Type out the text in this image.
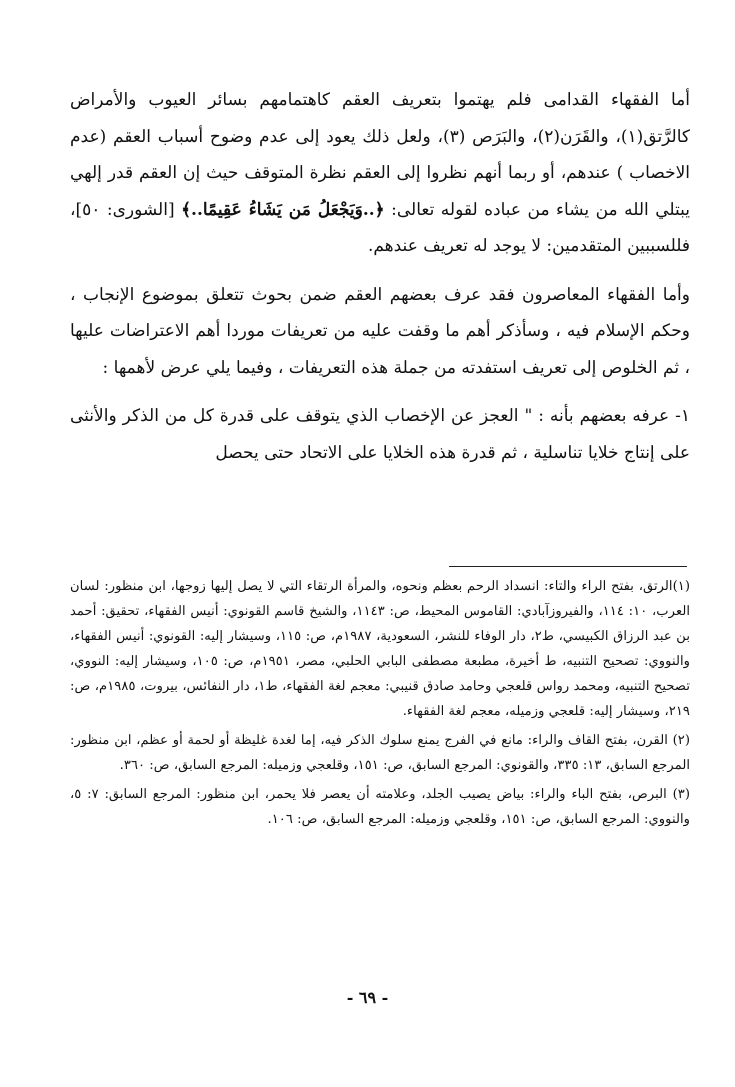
أما الفقهاء القدامى فلم يهتموا بتعريف العقم كاهتمامهم بسائر العيوب والأمراض كالرَّتق(١)، والقَرَن(٢)، والبَرَص (٣)، ولعل ذلك يعود إلى عدم وضوح أسباب العقم (عدم الاخصاب ) عندهم، أو ربما أنهم نظروا إلى العقم نظرة المتوقف حيث إن العقم قدر إلهي يبتلي الله من يشاء من عباده لقوله تعالى: ﴿..وَيَجْعَلُ مَن يَشَاءُ عَقِيمًا..﴾ [الشورى: ٥٠]، فللسببين المتقدمين: لا يوجد له تعريف عندهم.

وأما الفقهاء المعاصرون فقد عرف بعضهم العقم ضمن بحوث تتعلق بموضوع الإنجاب ، وحكم الإسلام فيه ، وسأذكر أهم ما وقفت عليه من تعريفات موردا أهم الاعتراضات عليها ، ثم الخلوص إلى تعريف استفدته من جملة هذه التعريفات ، وفيما يلي عرض لأهمها :

١- عرفه بعضهم بأنه : " العجز عن الإخصاب الذي يتوقف على قدرة كل من الذكر والأنثى على إنتاج خلايا تناسلية ، ثم قدرة هذه الخلايا على الاتحاد حتى يحصل

(١)الرتق، بفتح الراء والتاء: انسداد الرحم بعظم ونحوه، والمرأة الرتقاء التي لا يصل إليها زوجها، ابن منظور: لسان العرب، ١٠: ١١٤، والفيروزآبادي: القاموس المحيط، ص: ١١٤٣، والشيخ قاسم القونوي: أنيس الفقهاء، تحقيق: أحمد بن عبد الرزاق الكبيسي، ط٢، دار الوفاء للنشر، السعودية، ١٩٨٧م، ص: ١١٥، وسيشار إليه: القونوي: أنيس الفقهاء، والنووي: تصحيح التنبيه، ط أخيرة، مطبعة مصطفى البابي الحلبي، مصر، ١٩٥١م، ص: ١٠٥، وسيشار إليه: النووي، تصحيح التنبيه، ومحمد رواس قلعجي وحامد صادق قنيبي: معجم لغة الفقهاء، ط١، دار النفائس، بيروت، ١٩٨٥م، ص: ٢١٩، وسيشار إليه: قلعجي وزميله، معجم لغة الفقهاء.

(٢) القرن، بفتح القاف والراء: مانع في الفرج يمنع سلوك الذكر فيه، إما لغدة غليظة أو لحمة أو عظم، ابن منظور: المرجع السابق، ١٣: ٣٣٥، والقونوي: المرجع السابق، ص: ١٥١، وقلعجي وزميله: المرجع السابق، ص: ٣٦٠.

(٣) البرص، بفتح الباء والراء: بياض يصيب الجلد، وعلامته أن يعصر فلا يحمر، ابن منظور: المرجع السابق: ٧: ٥، والنووي: المرجع السابق، ص: ١٥١، وقلعجي وزميله: المرجع السابق، ص: ١٠٦.

- ٦٩ -
